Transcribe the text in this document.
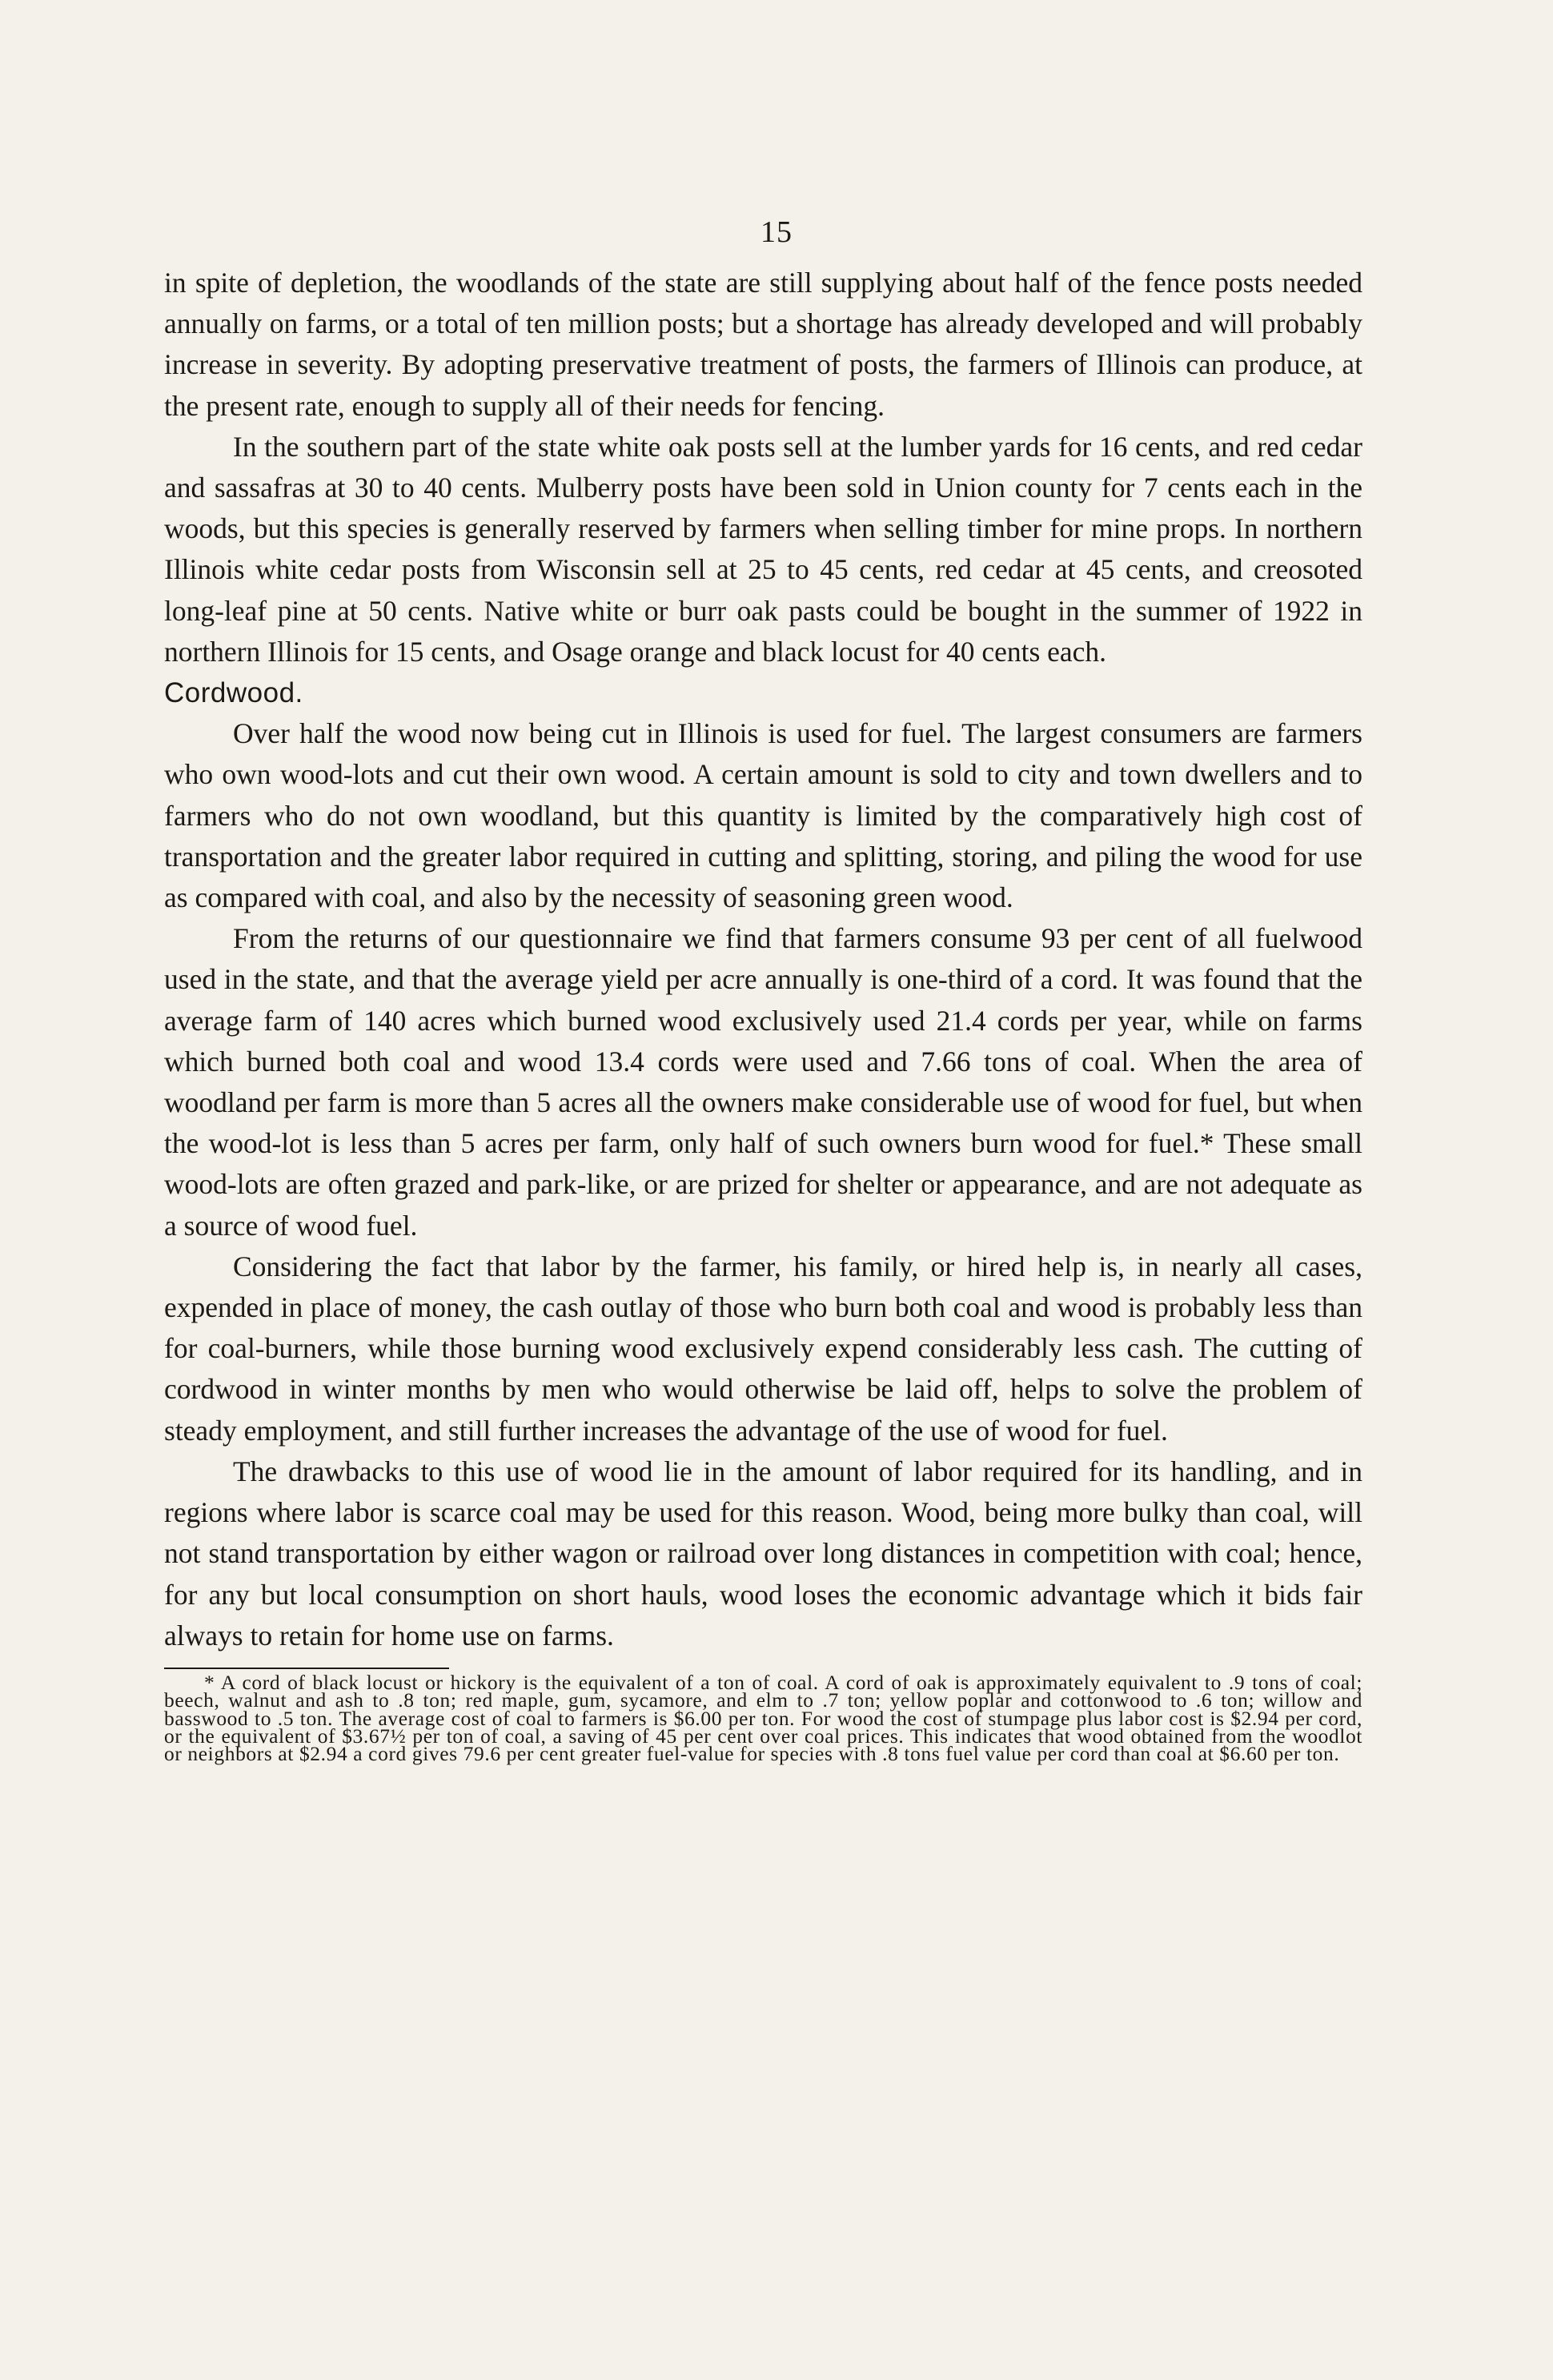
15

in spite of depletion, the woodlands of the state are still supplying about half of the fence posts needed annually on farms, or a total of ten million posts; but a shortage has already developed and will probably increase in severity. By adopting preservative treatment of posts, the farmers of Illinois can produce, at the present rate, enough to supply all of their needs for fencing.

In the southern part of the state white oak posts sell at the lumber yards for 16 cents, and red cedar and sassafras at 30 to 40 cents. Mulberry posts have been sold in Union county for 7 cents each in the woods, but this species is generally reserved by farmers when selling timber for mine props. In northern Illinois white cedar posts from Wisconsin sell at 25 to 45 cents, red cedar at 45 cents, and creosoted long-leaf pine at 50 cents. Native white or burr oak pasts could be bought in the summer of 1922 in northern Illinois for 15 cents, and Osage orange and black locust for 40 cents each.

Cordwood.

Over half the wood now being cut in Illinois is used for fuel. The largest consumers are farmers who own wood-lots and cut their own wood. A certain amount is sold to city and town dwellers and to farmers who do not own woodland, but this quantity is limited by the comparatively high cost of transportation and the greater labor required in cutting and splitting, storing, and piling the wood for use as compared with coal, and also by the necessity of seasoning green wood.

From the returns of our questionnaire we find that farmers consume 93 per cent of all fuelwood used in the state, and that the average yield per acre annually is one-third of a cord. It was found that the average farm of 140 acres which burned wood exclusively used 21.4 cords per year, while on farms which burned both coal and wood 13.4 cords were used and 7.66 tons of coal. When the area of woodland per farm is more than 5 acres all the owners make considerable use of wood for fuel, but when the wood-lot is less than 5 acres per farm, only half of such owners burn wood for fuel.* These small wood-lots are often grazed and park-like, or are prized for shelter or appearance, and are not adequate as a source of wood fuel.

Considering the fact that labor by the farmer, his family, or hired help is, in nearly all cases, expended in place of money, the cash outlay of those who burn both coal and wood is probably less than for coal-burners, while those burning wood exclusively expend considerably less cash. The cutting of cordwood in winter months by men who would otherwise be laid off, helps to solve the problem of steady employment, and still further increases the advantage of the use of wood for fuel.

The drawbacks to this use of wood lie in the amount of labor required for its handling, and in regions where labor is scarce coal may be used for this reason. Wood, being more bulky than coal, will not stand transportation by either wagon or railroad over long distances in competition with coal; hence, for any but local consumption on short hauls, wood loses the economic advantage which it bids fair always to retain for home use on farms.

* A cord of black locust or hickory is the equivalent of a ton of coal. A cord of oak is approximately equivalent to .9 tons of coal; beech, walnut and ash to .8 ton; red maple, gum, sycamore, and elm to .7 ton; yellow poplar and cottonwood to .6 ton; willow and basswood to .5 ton. The average cost of coal to farmers is $6.00 per ton. For wood the cost of stumpage plus labor cost is $2.94 per cord, or the equivalent of $3.67½ per ton of coal, a saving of 45 per cent over coal prices. This indicates that wood obtained from the woodlot or neighbors at $2.94 a cord gives 79.6 per cent greater fuel-value for species with .8 tons fuel value per cord than coal at $6.60 per ton.
